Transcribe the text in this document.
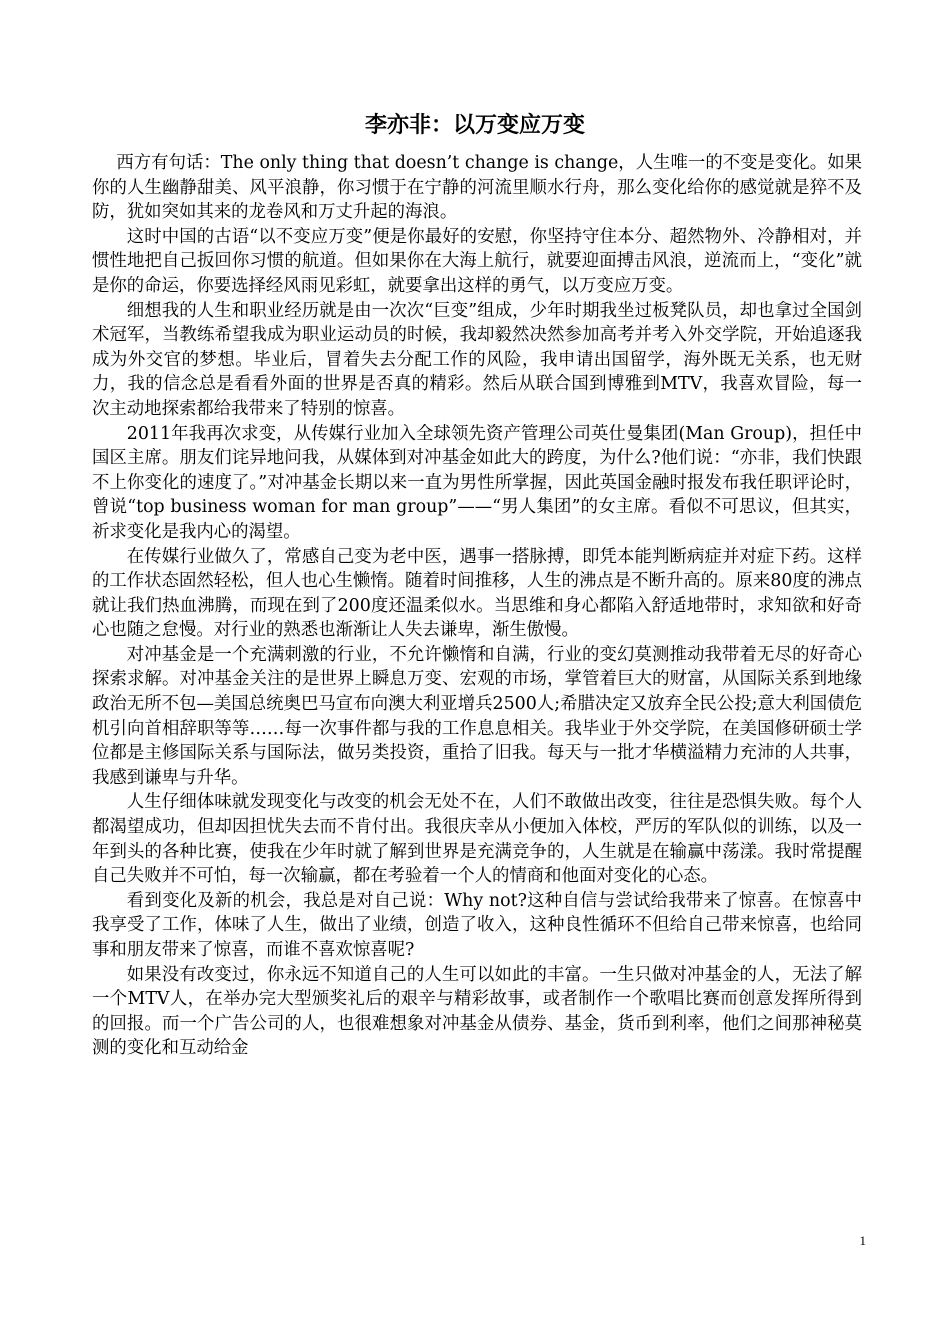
李亦非：以万变应万变

西方有句话：The only thing that doesn’t change is change，人生唯一的不变是变化。如果你的人生幽静甜美、风平浪静，你习惯于在宁静的河流里顺水行舟，那么变化给你的感觉就是猝不及防，犹如突如其来的龙卷风和万丈升起的海浪。

这时中国的古语“以不变应万变”便是你最好的安慰，你坚持守住本分、超然物外、冷静相对，并惯性地把自己扳回你习惯的航道。但如果你在大海上航行，就要迎面搏击风浪，逆流而上，“变化”就是你的命运，你要选择经风雨见彩虹，就要拿出这样的勇气，以万变应万变。

细想我的人生和职业经历就是由一次次“巨变”组成，少年时期我坐过板凳队员，却也拿过全国剑术冠军，当教练希望我成为职业运动员的时候，我却毅然决然参加高考并考入外交学院，开始追逐我成为外交官的梦想。毕业后，冒着失去分配工作的风险，我申请出国留学，海外既无关系，也无财力，我的信念总是看看外面的世界是否真的精彩。然后从联合国到博雅到MTV，我喜欢冒险，每一次主动地探索都给我带来了特别的惊喜。

2011年我再次求变，从传媒行业加入全球领先资产管理公司英仕曼集团(Man Group)，担任中国区主席。朋友们诧异地问我，从媒体到对冲基金如此大的跨度，为什么?他们说：“亦非，我们快跟不上你变化的速度了。”对冲基金长期以来一直为男性所掌握，因此英国金融时报发布我任职评论时，曾说“top business woman for man group”——“男人集团”的女主席。看似不可思议，但其实，祈求变化是我内心的渴望。

在传媒行业做久了，常感自己变为老中医，遇事一搭脉搏，即凭本能判断病症并对症下药。这样的工作状态固然轻松，但人也心生懒惰。随着时间推移，人生的沸点是不断升高的。原来80度的沸点就让我们热血沸腾，而现在到了200度还温柔似水。当思维和身心都陷入舒适地带时，求知欲和好奇心也随之怠慢。对行业的熟悉也渐渐让人失去谦卑，渐生傲慢。

对冲基金是一个充满刺激的行业，不允许懒惰和自满，行业的变幻莫测推动我带着无尽的好奇心探索求解。对冲基金关注的是世界上瞬息万变、宏观的市场，掌管着巨大的财富，从国际关系到地缘政治无所不包—美国总统奥巴马宣布向澳大利亚增兵2500人;希腊决定又放弃全民公投;意大利国债危机引向首相辞职等等……每一次事件都与我的工作息息相关。我毕业于外交学院，在美国修研硕士学位都是主修国际关系与国际法，做另类投资，重拾了旧我。每天与一批才华横溢精力充沛的人共事，我感到谦卑与升华。

人生仔细体味就发现变化与改变的机会无处不在，人们不敢做出改变，往往是恐惧失败。每个人都渴望成功，但却因担忧失去而不肯付出。我很庆幸从小便加入体校，严厉的军队似的训练，以及一年到头的各种比赛，使我在少年时就了解到世界是充满竞争的，人生就是在输赢中荡漾。我时常提醒自己失败并不可怕，每一次输赢，都在考验着一个人的情商和他面对变化的心态。

看到变化及新的机会，我总是对自己说：Why not?这种自信与尝试给我带来了惊喜。在惊喜中我享受了工作，体味了人生，做出了业绩，创造了收入，这种良性循环不但给自己带来惊喜，也给同事和朋友带来了惊喜，而谁不喜欢惊喜呢?

如果没有改变过，你永远不知道自己的人生可以如此的丰富。一生只做对冲基金的人，无法了解一个MTV人，在举办完大型颁奖礼后的艰辛与精彩故事，或者制作一个歌唱比赛而创意发挥所得到的回报。而一个广告公司的人，也很难想象对冲基金从债券、基金，货币到利率，他们之间那神秘莫测的变化和互动给金

1
